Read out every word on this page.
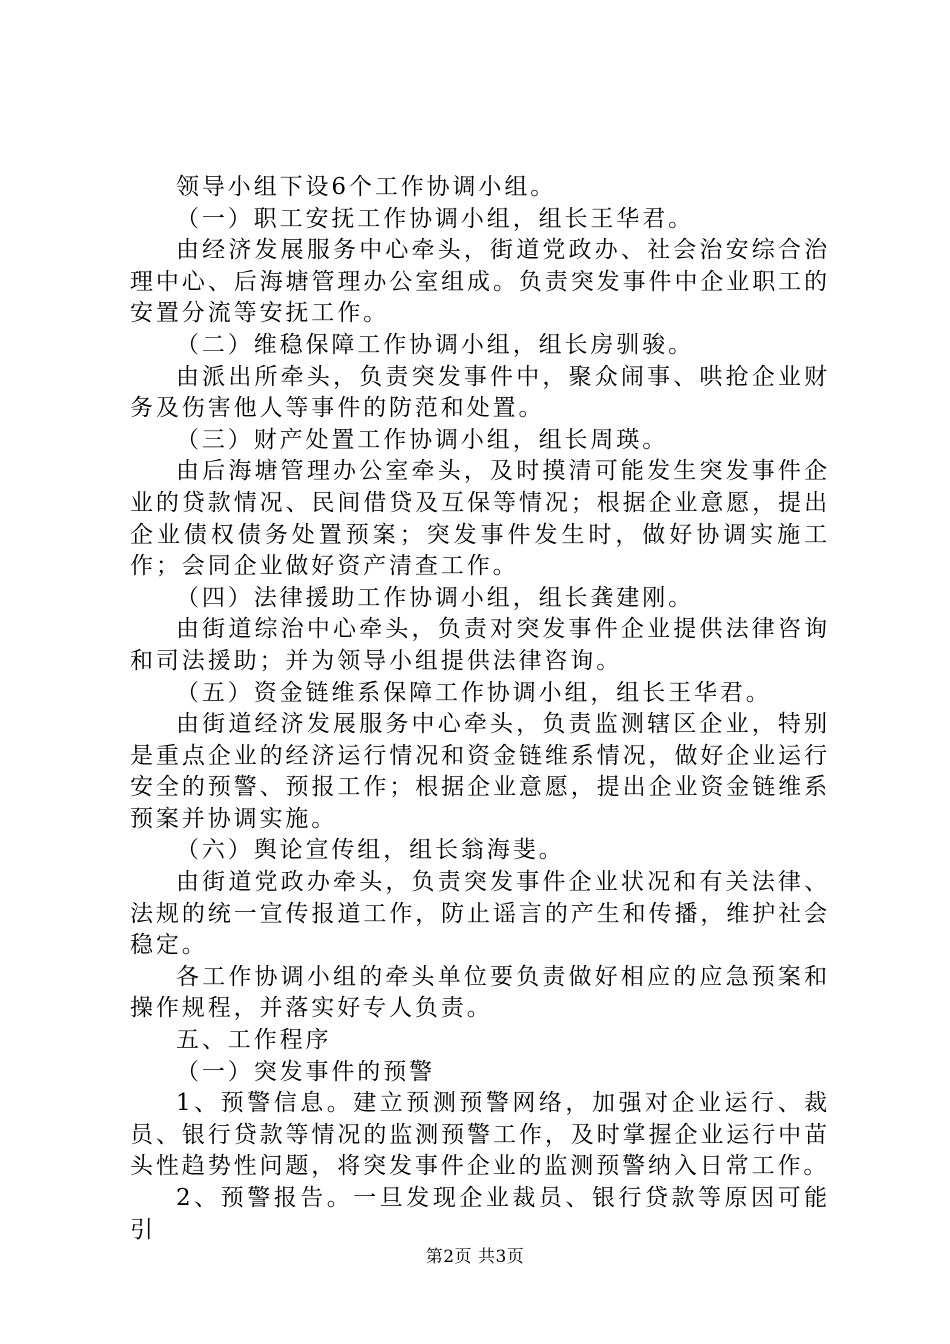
领导小组下设6个工作协调小组。

（一）职工安抚工作协调小组，组长王华君。

由经济发展服务中心牵头，街道党政办、社会治安综合治理中心、后海塘管理办公室组成。负责突发事件中企业职工的安置分流等安抚工作。

（二）维稳保障工作协调小组，组长房驯骏。

由派出所牵头，负责突发事件中，聚众闹事、哄抢企业财务及伤害他人等事件的防范和处置。

（三）财产处置工作协调小组，组长周瑛。

由后海塘管理办公室牵头，及时摸清可能发生突发事件企业的贷款情况、民间借贷及互保等情况；根据企业意愿，提出企业债权债务处置预案；突发事件发生时，做好协调实施工作；会同企业做好资产清查工作。

（四）法律援助工作协调小组，组长龚建刚。

由街道综治中心牵头，负责对突发事件企业提供法律咨询和司法援助；并为领导小组提供法律咨询。

（五）资金链维系保障工作协调小组，组长王华君。

由街道经济发展服务中心牵头，负责监测辖区企业，特别是重点企业的经济运行情况和资金链维系情况，做好企业运行安全的预警、预报工作；根据企业意愿，提出企业资金链维系预案并协调实施。

（六）舆论宣传组，组长翁海斐。

由街道党政办牵头，负责突发事件企业状况和有关法律、法规的统一宣传报道工作，防止谣言的产生和传播，维护社会稳定。

各工作协调小组的牵头单位要负责做好相应的应急预案和操作规程，并落实好专人负责。

五、工作程序

（一）突发事件的预警

1、预警信息。建立预测预警网络，加强对企业运行、裁员、银行贷款等情况的监测预警工作，及时掌握企业运行中苗头性趋势性问题，将突发事件企业的监测预警纳入日常工作。

2、预警报告。一旦发现企业裁员、银行贷款等原因可能引

第2页 共3页
